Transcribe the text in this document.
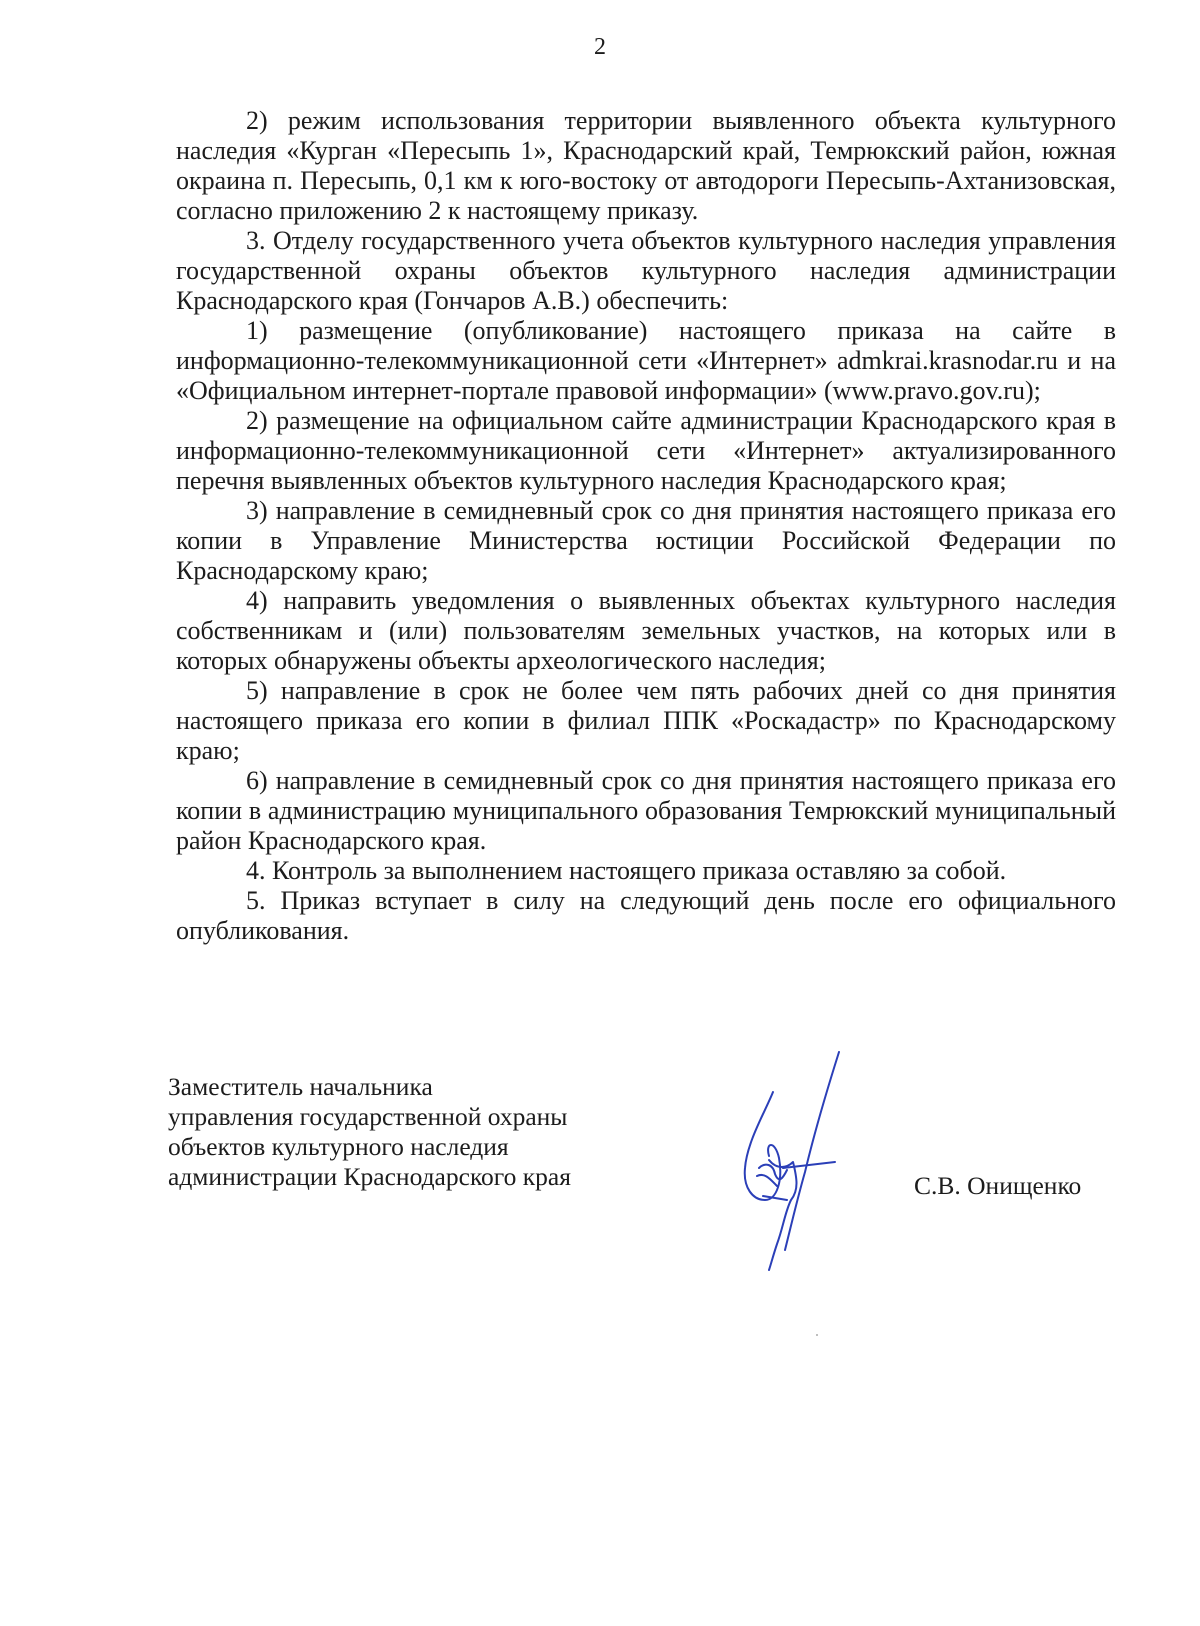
2

2) режим использования территории выявленного объекта культурного наследия «Курган «Пересыпь 1», Краснодарский край, Темрюкский район, южная окраина п. Пересыпь, 0,1 км к юго-востоку от автодороги Пересыпь-Ахтанизовская, согласно приложению 2 к настоящему приказу.

3. Отделу государственного учета объектов культурного наследия управления государственной охраны объектов культурного наследия администрации Краснодарского края (Гончаров А.В.) обеспечить:

1) размещение (опубликование) настоящего приказа на сайте в информационно-телекоммуникационной сети «Интернет» admkrai.krasnodar.ru и на «Официальном интернет-портале правовой информации» (www.pravo.gov.ru);

2) размещение на официальном сайте администрации Краснодарского края в информационно-телекоммуникационной сети «Интернет» актуализированного перечня выявленных объектов культурного наследия Краснодарского края;

3) направление в семидневный срок со дня принятия настоящего приказа его копии в Управление Министерства юстиции Российской Федерации по Краснодарскому краю;

4) направить уведомления о выявленных объектах культурного наследия собственникам и (или) пользователям земельных участков, на которых или в которых обнаружены объекты археологического наследия;

5) направление в срок не более чем пять рабочих дней со дня принятия настоящего приказа его копии в филиал ППК «Роскадастр» по Краснодарскому краю;

6) направление в семидневный срок со дня принятия настоящего приказа его копии в администрацию муниципального образования Темрюкский муниципальный район Краснодарского края.

4. Контроль за выполнением настоящего приказа оставляю за собой.

5. Приказ вступает в силу на следующий день после его официального опубликования.

Заместитель начальника
управления государственной охраны
объектов культурного наследия
администрации Краснодарского края	С.В. Онищенко
